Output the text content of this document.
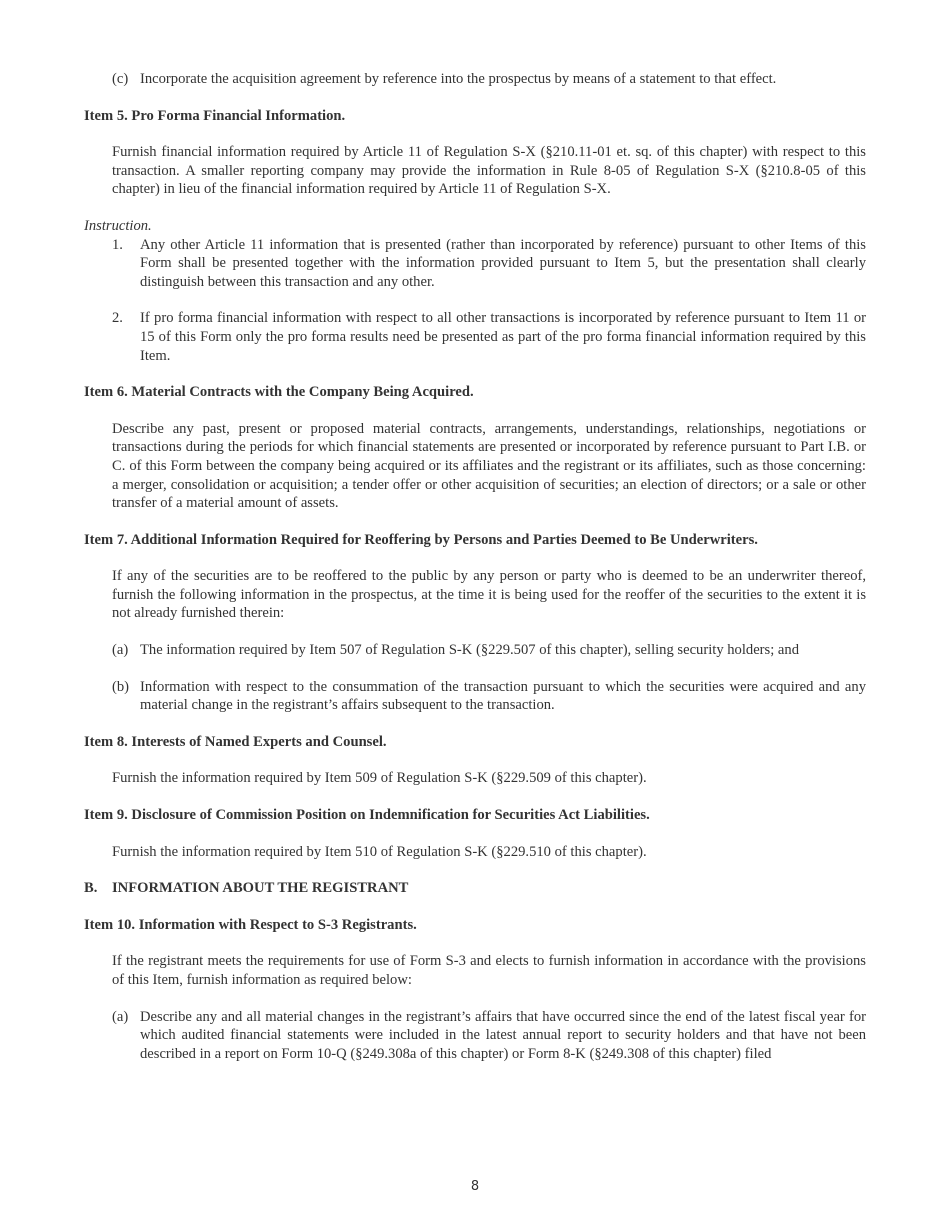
(c) Incorporate the acquisition agreement by reference into the prospectus by means of a statement to that effect.
Item 5. Pro Forma Financial Information.
Furnish financial information required by Article 11 of Regulation S-X (§210.11-01 et. sq. of this chapter) with respect to this transaction. A smaller reporting company may provide the information in Rule 8-05 of Regulation S-X (§210.8-05 of this chapter) in lieu of the financial information required by Article 11 of Regulation S-X.
Instruction.
1.	Any other Article 11 information that is presented (rather than incorporated by reference) pursuant to other Items of this Form shall be presented together with the information provided pursuant to Item 5, but the presentation shall clearly distinguish between this transaction and any other.
2.	If pro forma financial information with respect to all other transactions is incorporated by reference pursuant to Item 11 or 15 of this Form only the pro forma results need be presented as part of the pro forma financial information required by this Item.
Item 6. Material Contracts with the Company Being Acquired.
Describe any past, present or proposed material contracts, arrangements, understandings, relationships, negotiations or transactions during the periods for which financial statements are presented or incorporated by reference pursuant to Part I.B. or C. of this Form between the company being acquired or its affiliates and the registrant or its affiliates, such as those concerning: a merger, consolidation or acquisition; a tender offer or other acquisition of securities; an election of directors; or a sale or other transfer of a material amount of assets.
Item 7. Additional Information Required for Reoffering by Persons and Parties Deemed to Be Underwriters.
If any of the securities are to be reoffered to the public by any person or party who is deemed to be an underwriter thereof, furnish the following information in the prospectus, at the time it is being used for the reoffer of the securities to the extent it is not already furnished therein:
(a) The information required by Item 507 of Regulation S-K (§229.507 of this chapter), selling security holders; and
(b) Information with respect to the consummation of the transaction pursuant to which the securities were acquired and any material change in the registrant’s affairs subsequent to the transaction.
Item 8. Interests of Named Experts and Counsel.
Furnish the information required by Item 509 of Regulation S-K (§229.509 of this chapter).
Item 9. Disclosure of Commission Position on Indemnification for Securities Act Liabilities.
Furnish the information required by Item 510 of Regulation S-K (§229.510 of this chapter).
B.	INFORMATION ABOUT THE REGISTRANT
Item 10. Information with Respect to S-3 Registrants.
If the registrant meets the requirements for use of Form S-3 and elects to furnish information in accordance with the provisions of this Item, furnish information as required below:
(a) Describe any and all material changes in the registrant’s affairs that have occurred since the end of the latest fiscal year for which audited financial statements were included in the latest annual report to security holders and that have not been described in a report on Form 10-Q (§249.308a of this chapter) or Form 8-K (§249.308 of this chapter) filed
8
